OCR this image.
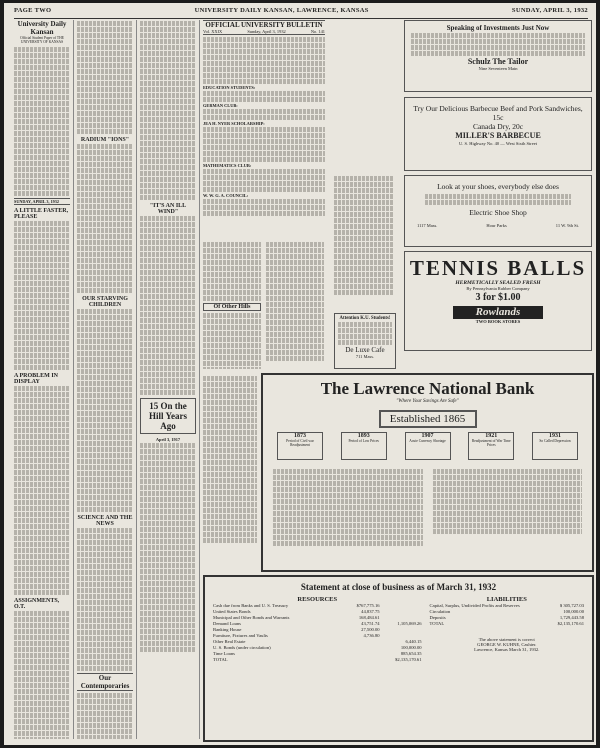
PAGE TWO	UNIVERSITY DAILY KANSAN, LAWRENCE, KANSAS	SUNDAY, APRIL 3, 1932
University Daily Kansan
Official Student Paper of THE UNIVERSITY OF KANSAS
SUNDAY, APRIL 3, 1932
A LITTLE FASTER, PLEASE
A PROBLEM IN DISPLAY
ASSIGNMENTS, O.T.
RADIUM "IONS"
OUR STARVING CHILDREN
SCIENCE AND THE NEWS
Our Contemporaries
"IT'S AN ILL WIND"
15 On the Hill Years Ago
April 3, 1917
OFFICIAL UNIVERSITY BULLETIN
Vol. XXIX	Sunday, April 3, 1932	No. 141
EDUCATION STUDENTS:
GERMAN CLUB:
JEA H. NYER SCHOLARSHIP:
MATHEMATICS CLUB:
W. W. G. A. COUNCIL:
Of Other Hills
Speaking of Investments Just Now
Schulz The Tailor
Nine Seventeen Main
Try Our Delicious Barbecue Beef and Pork Sandwiches, 15c
Canada Dry, 20c
MILLER'S BARBECUE
U. S. Highway No. 40 — West Sixth Street
Look at your shoes, everybody else does
Electric Shoe Shop
1117 Mass.	Hour Parks	11 W. 9th St.
TENNIS BALLS
HERMETICALLY SEALED FRESH
By Pennsylvania Rubber Company
3 for $1.00
Rowlands
TWO BOOK STORES
Attention K.U. Students!
De Luxe Cafe
711 Mass.
The Lawrence National Bank
"Where Your Savings Are Safe"
Established 1865
1873
Period of Civil war Readjustment
1893
Period of Low Prices
1907
Acute Currency Shortage
1921
Readjustment of War Time Prices
1931
So Called Depression
Statement at close of business as of March 31, 1932
RESOURCES
Cash due from Banks and U. S. Treasury	$767,775.16
United States Bonds	44,837.75
Municipal and Other Bonds and Warrants	168,484.61
Demand Loans	43,751.74	1,105,069.26
Banking House	27,500.00
Furniture, Fixtures and Vaults	4,736.80
Other Real Estate	6,440.15
U. S. Bonds (under circulation)	100,000.00
Time Loans	885,654.35
TOTAL	$2,135,170.61
LIABILITIES
Capital, Surplus, Undivided Profits and Reserves	$ 305,727.03
Circulation	100,000.00
Deposits	1,729,443.58
TOTAL	$2,135,170.61
The above statement is correct
GEORGE W. KUHNE, Cashier.
Lawrence, Kansas March 31, 1932.
